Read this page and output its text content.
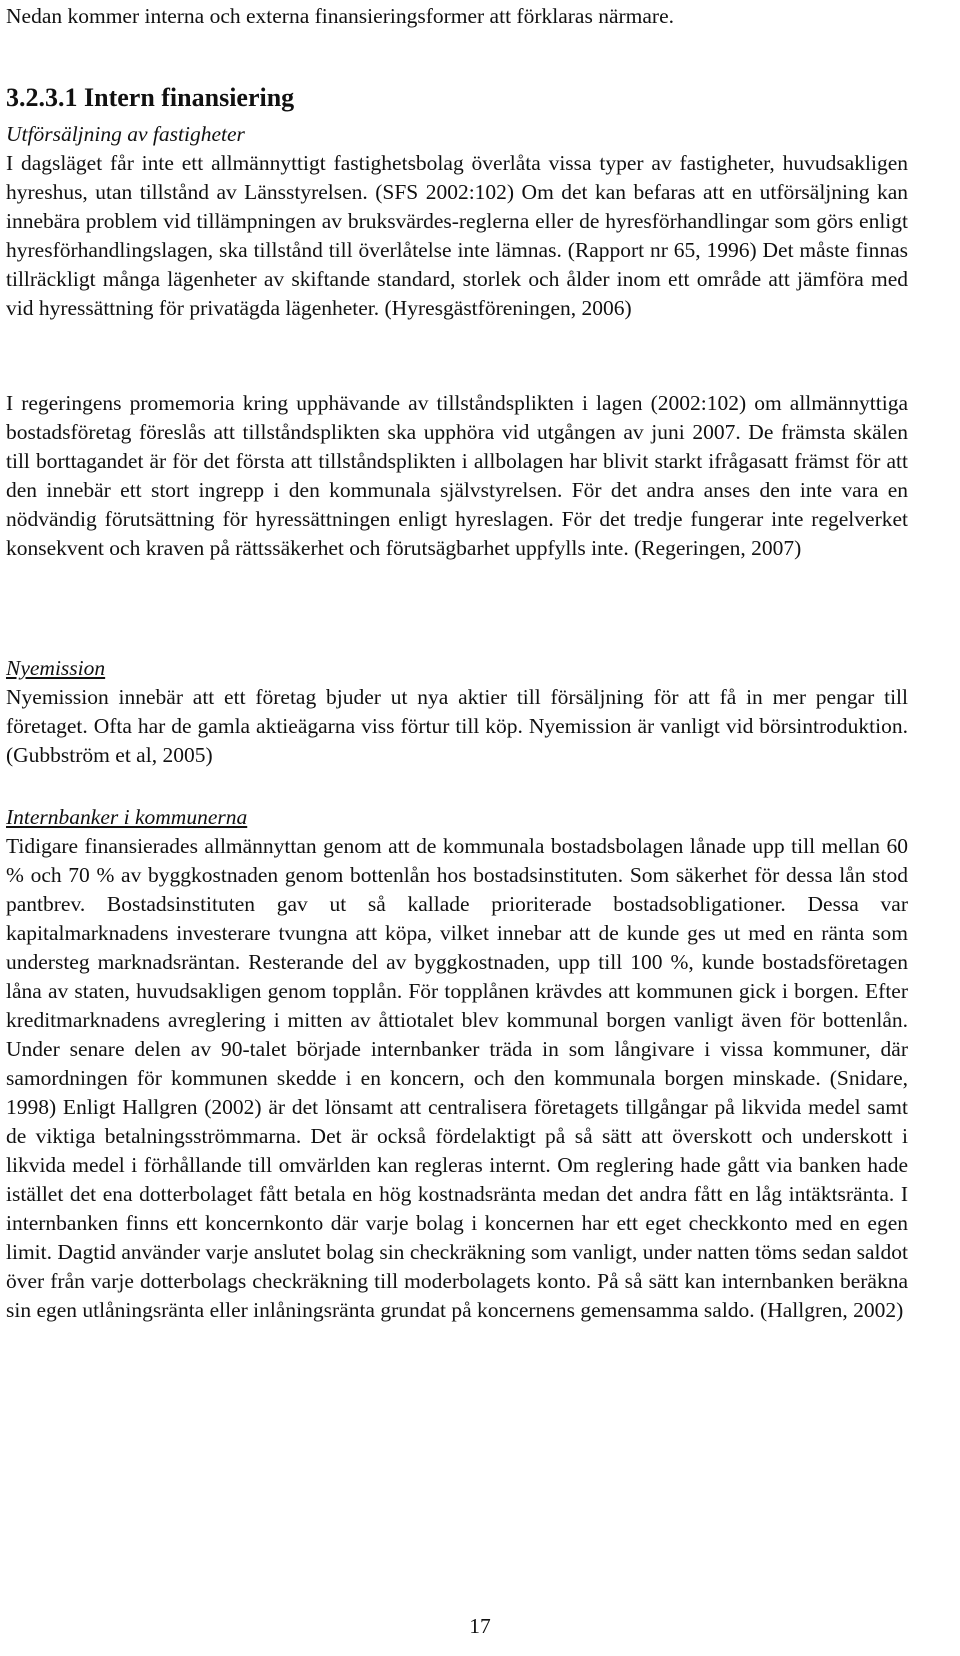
Nedan kommer interna och externa finansieringsformer att förklaras närmare.

3.2.3.1 Intern finansiering

Utförsäljning av fastigheter

I dagsläget får inte ett allmännyttigt fastighetsbolag överlåta vissa typer av fastigheter, huvudsakligen hyreshus, utan tillstånd av Länsstyrelsen. (SFS 2002:102) Om det kan befaras att en utförsäljning kan innebära problem vid tillämpningen av bruksvärdes-reglerna eller de hyresförhandlingar som görs enligt hyresförhandlingslagen, ska tillstånd till överlåtelse inte lämnas. (Rapport nr 65, 1996) Det måste finnas tillräckligt många lägenheter av skiftande standard, storlek och ålder inom ett område att jämföra med vid hyressättning för privatägda lägenheter. (Hyresgästföreningen, 2006)

I regeringens promemoria kring upphävande av tillståndsplikten i lagen (2002:102) om allmännyttiga bostadsföretag föreslås att tillståndsplikten ska upphöra vid utgången av juni 2007. De främsta skälen till borttagandet är för det första att tillståndsplikten i allbolagen har blivit starkt ifrågasatt främst för att den innebär ett stort ingrepp i den kommunala självstyrelsen. För det andra anses den inte vara en nödvändig förutsättning för hyressättningen enligt hyreslagen. För det tredje fungerar inte regelverket konsekvent och kraven på rättssäkerhet och förutsägbarhet uppfylls inte. (Regeringen, 2007)

Nyemission

Nyemission innebär att ett företag bjuder ut nya aktier till försäljning för att få in mer pengar till företaget. Ofta har de gamla aktieägarna viss förtur till köp. Nyemission är vanligt vid börsintroduktion. (Gubbström et al, 2005)

Internbanker i kommunerna

Tidigare finansierades allmännyttan genom att de kommunala bostadsbolagen lånade upp till mellan 60 % och 70 % av byggkostnaden genom bottenlån hos bostadsinstituten. Som säkerhet för dessa lån stod pantbrev. Bostadsinstituten gav ut så kallade prioriterade bostadsobligationer. Dessa var kapitalmarknadens investerare tvungna att köpa, vilket innebar att de kunde ges ut med en ränta som understeg marknadsräntan. Resterande del av byggkostnaden, upp till 100 %, kunde bostadsföretagen låna av staten, huvudsakligen genom topplån. För topplånen krävdes att kommunen gick i borgen. Efter kreditmarknadens avreglering i mitten av åttiotalet blev kommunal borgen vanligt även för bottenlån. Under senare delen av 90-talet började internbanker träda in som långivare i vissa kommuner, där samordningen för kommunen skedde i en koncern, och den kommunala borgen minskade. (Snidare, 1998) Enligt Hallgren (2002) är det lönsamt att centralisera företagets tillgångar på likvida medel samt de viktiga betalningsströmmarna. Det är också fördelaktigt på så sätt att överskott och underskott i likvida medel i förhållande till omvärlden kan regleras internt. Om reglering hade gått via banken hade istället det ena dotterbolaget fått betala en hög kostnadsränta medan det andra fått en låg intäktsränta. I internbanken finns ett koncernkonto där varje bolag i koncernen har ett eget checkkonto med en egen limit. Dagtid använder varje anslutet bolag sin checkräkning som vanligt, under natten töms sedan saldot över från varje dotterbolags checkräkning till moderbolagets konto. På så sätt kan internbanken beräkna sin egen utlåningsränta eller inlåningsränta grundat på koncernens gemensamma saldo. (Hallgren, 2002)

17
